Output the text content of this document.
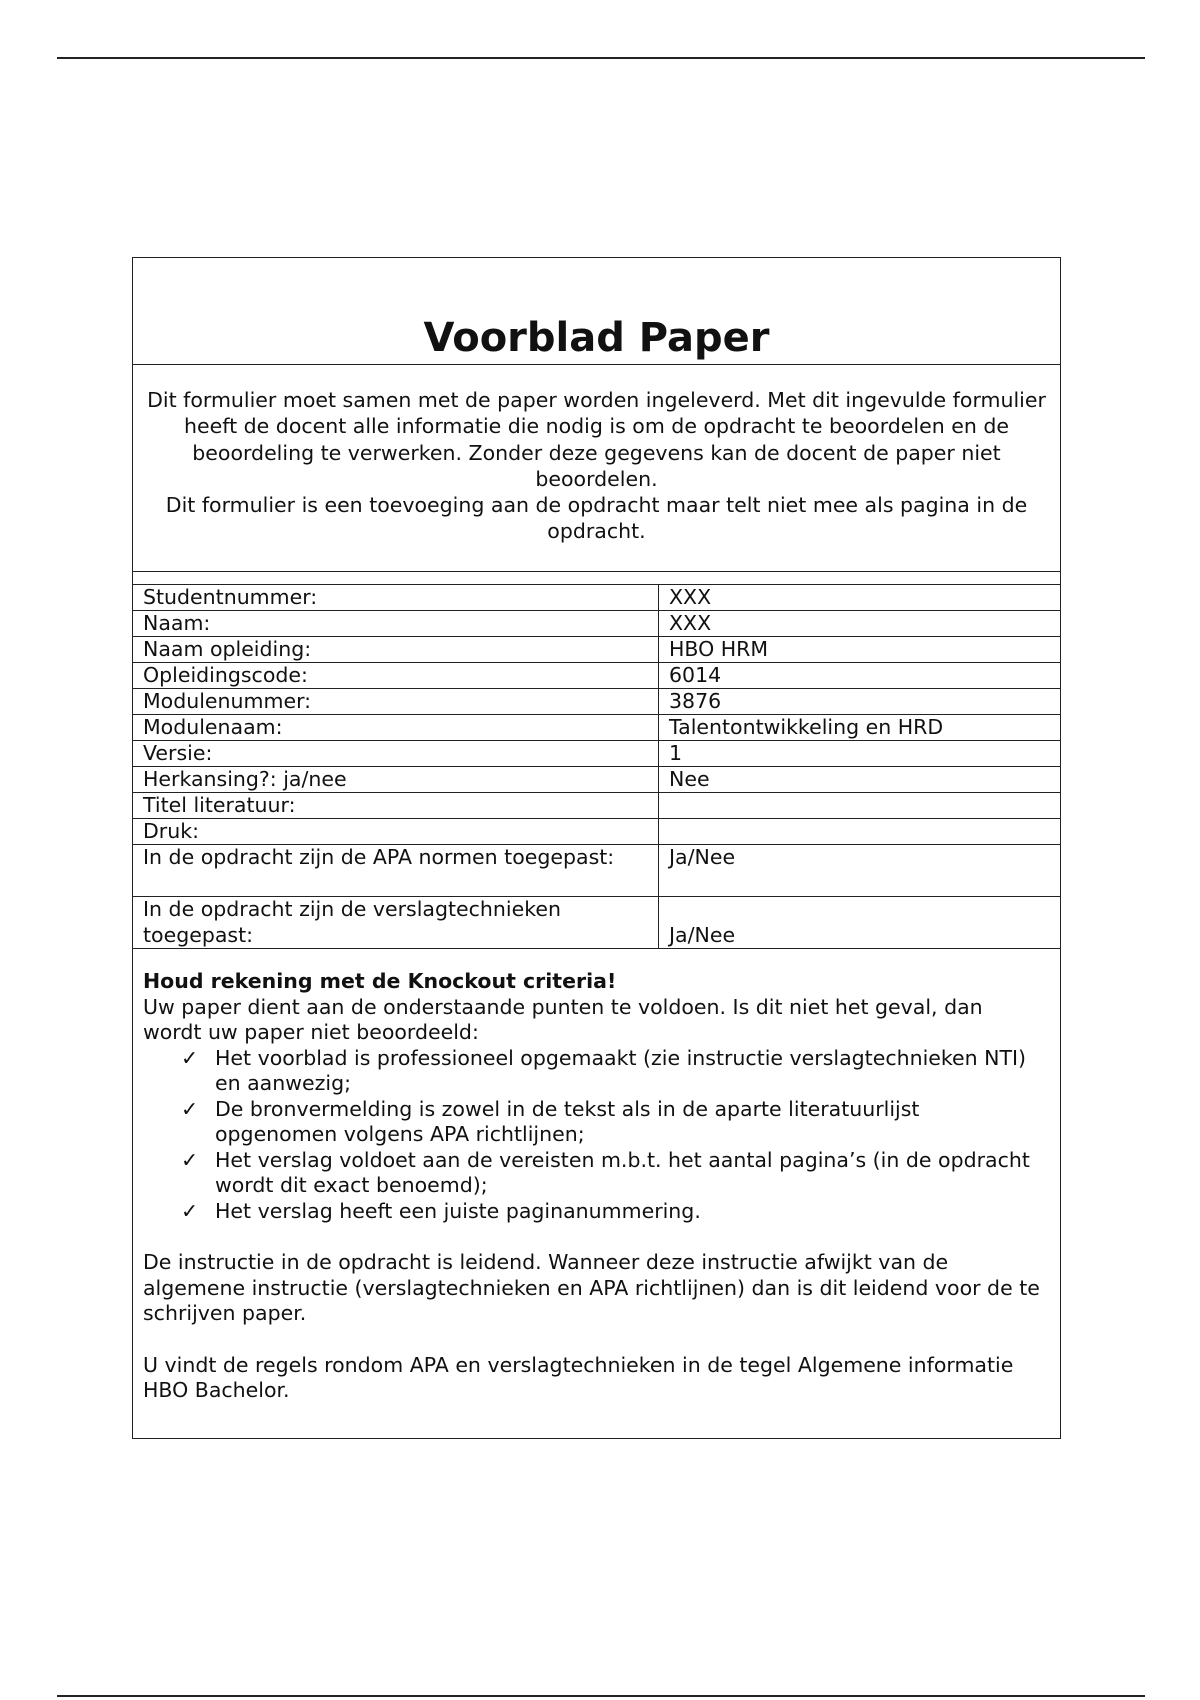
Voorblad Paper

Dit formulier moet samen met de paper worden ingeleverd. Met dit ingevulde formulier heeft de docent alle informatie die nodig is om de opdracht te beoordelen en de beoordeling te verwerken. Zonder deze gegevens kan de docent de paper niet beoordelen.

Dit formulier is een toevoeging aan de opdracht maar telt niet mee als pagina in de opdracht.

Studentnummer:	XXX
Naam:	XXX
Naam opleiding:	HBO HRM
Opleidingscode:	6014
Modulenummer:	3876
Modulenaam:	Talentontwikkeling en HRD
Versie:	1
Herkansing?: ja/nee	Nee
Titel literatuur:	
Druk:	
In de opdracht zijn de APA normen toegepast:	Ja/Nee
In de opdracht zijn de verslagtechnieken toegepast:	Ja/Nee

Houd rekening met de Knockout criteria!

Uw paper dient aan de onderstaande punten te voldoen. Is dit niet het geval, dan wordt uw paper niet beoordeeld:

✓ Het voorblad is professioneel opgemaakt (zie instructie verslagtechnieken NTI) en aanwezig;
✓ De bronvermelding is zowel in de tekst als in de aparte literatuurlijst opgenomen volgens APA richtlijnen;
✓ Het verslag voldoet aan de vereisten m.b.t. het aantal pagina’s (in de opdracht wordt dit exact benoemd);
✓ Het verslag heeft een juiste paginanummering.

De instructie in de opdracht is leidend. Wanneer deze instructie afwijkt van de algemene instructie (verslagtechnieken en APA richtlijnen) dan is dit leidend voor de te schrijven paper.

U vindt de regels rondom APA en verslagtechnieken in de tegel Algemene informatie HBO Bachelor.
